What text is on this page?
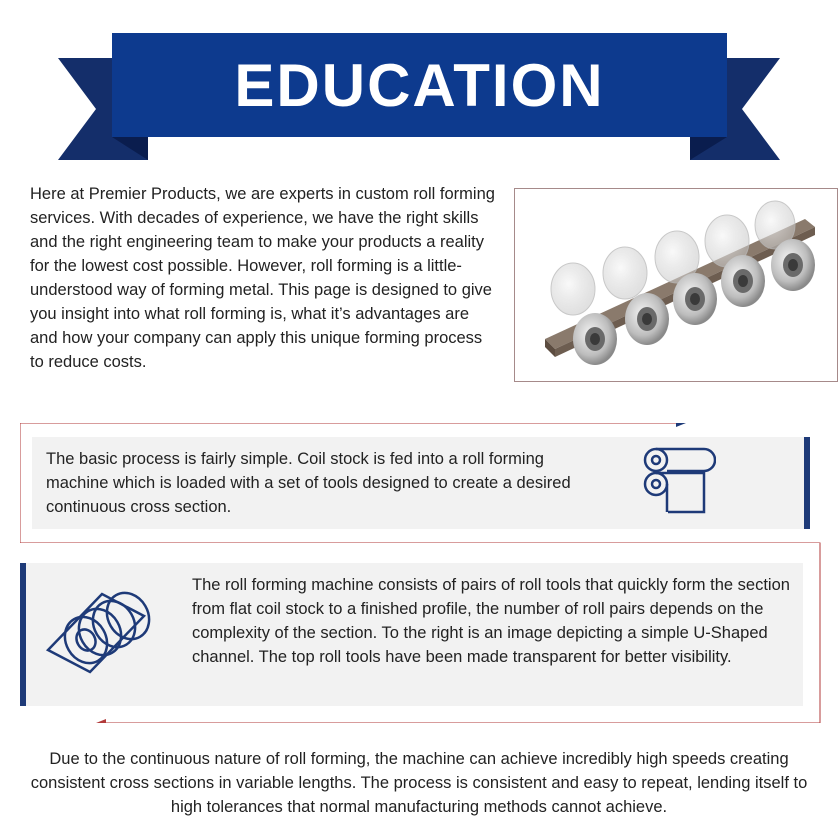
EDUCATION

Here at Premier Products, we are experts in custom roll forming services. With decades of experience, we have the right skills and the right engineering team to make your products a reality for the lowest cost possible. However, roll forming is a little-understood way of forming metal. This page is designed to give you insight into what roll forming is, what it’s advantages are and how your company can apply this unique forming process to reduce costs.

The basic process is fairly simple. Coil stock is fed into a roll forming machine which is loaded with a set of tools designed to create a desired continuous cross section.

The roll forming machine consists of pairs of roll tools that quickly form the section from flat coil stock to a finished profile, the number of roll pairs depends on the complexity of the section. To the right is an image depicting a simple U-Shaped channel. The top roll tools have been made transparent for better visibility.

Due to the continuous nature of roll forming, the machine can achieve incredibly high speeds creating consistent cross sections in variable lengths. The process is consistent and easy to repeat, lending itself to high tolerances that normal manufacturing methods cannot achieve.
